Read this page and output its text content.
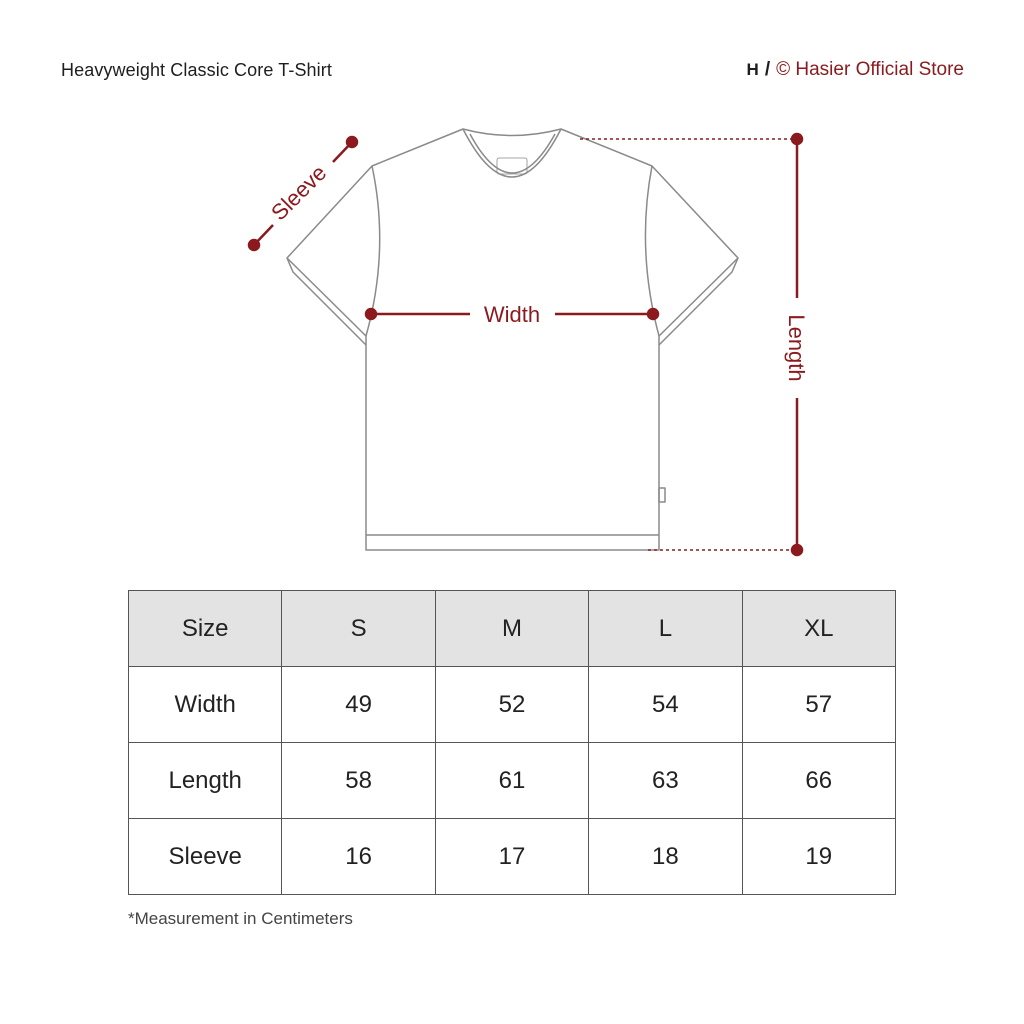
Heavyweight Classic Core T-Shirt	H / © Hasier Official Store
Sleeve
Width	Length
Size	S	M	L	XL
Width	49	52	54	57
Length	58	61	63	66
Sleeve	16	17	18	19
*Measurement in Centimeters
